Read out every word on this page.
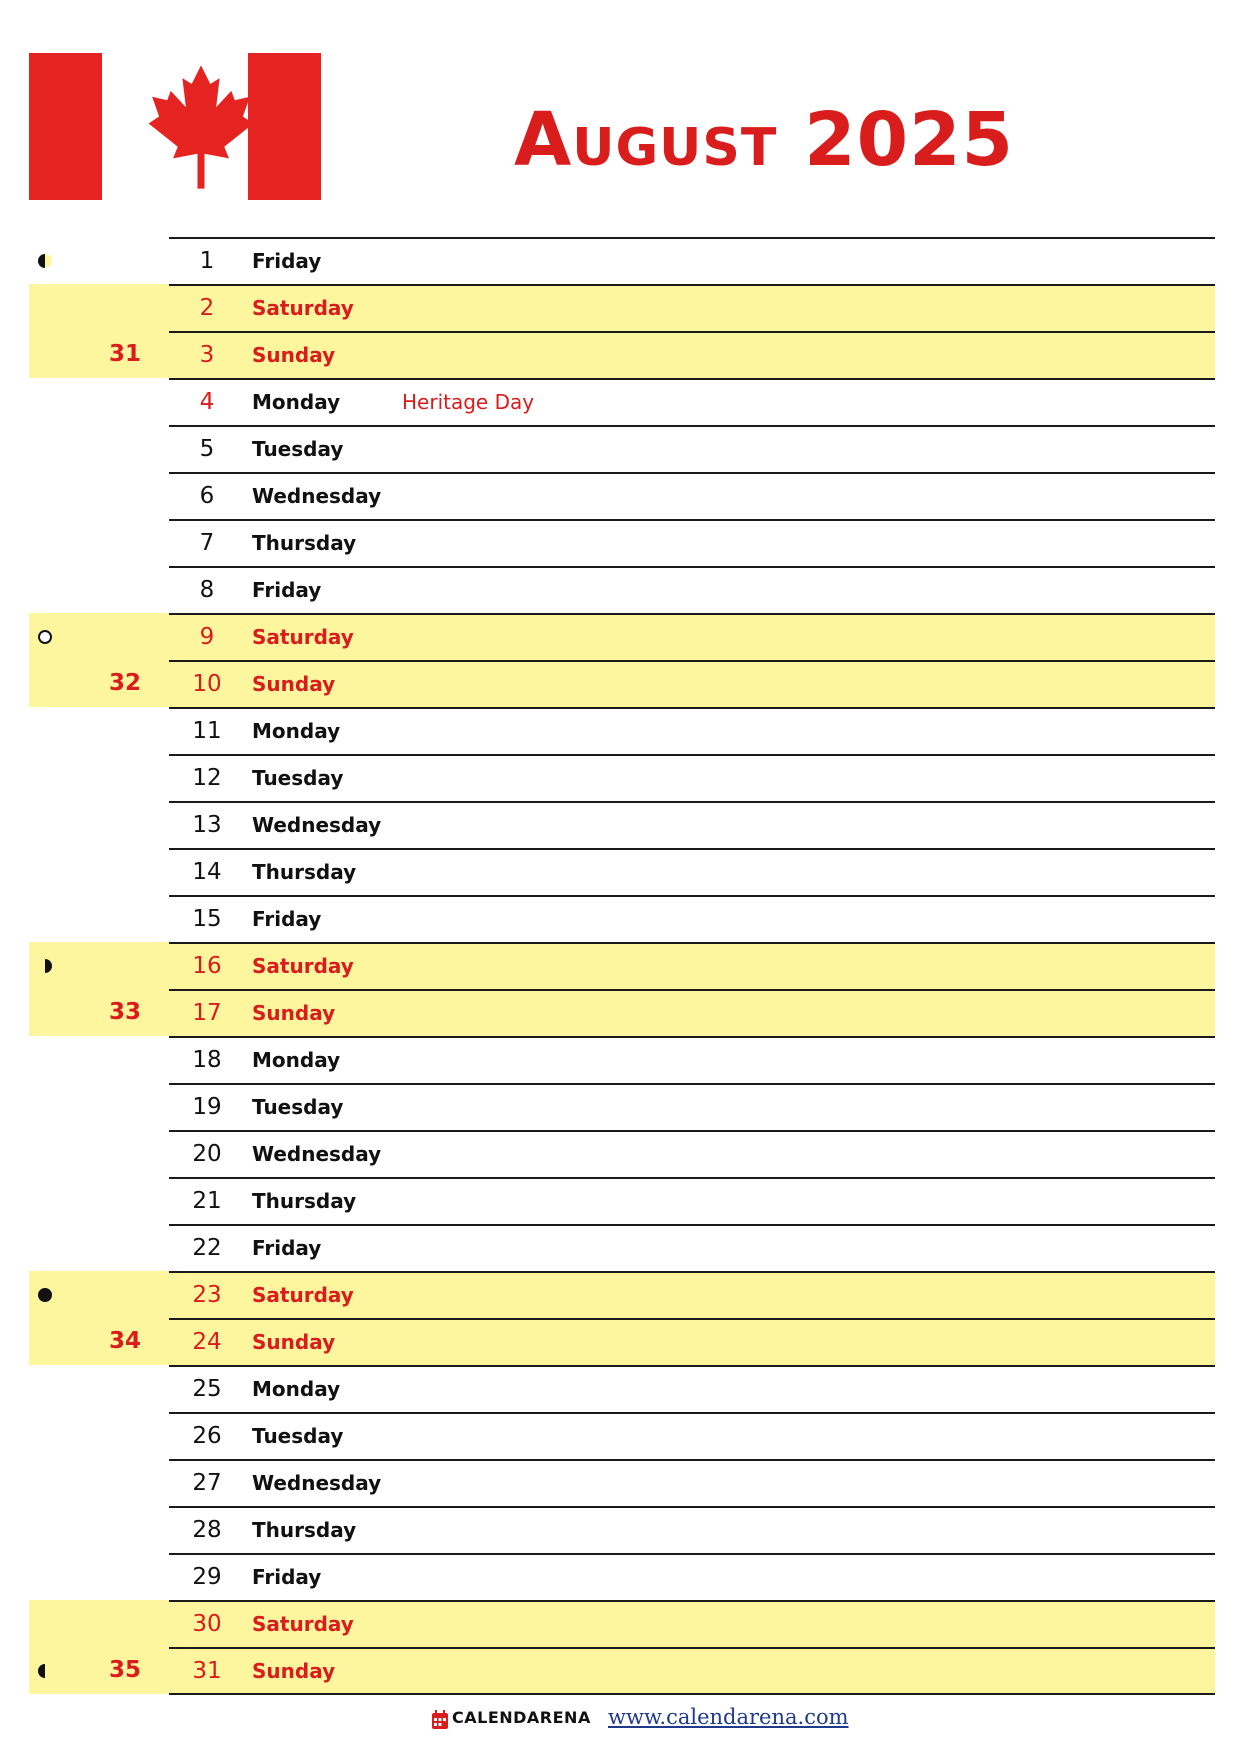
August 2025
1	Friday
2	Saturday
31	3	Sunday
4	Monday	Heritage Day
5	Tuesday
6	Wednesday
7	Thursday
8	Friday
9	Saturday
32	10	Sunday
11	Monday
12	Tuesday
13	Wednesday
14	Thursday
15	Friday
16	Saturday
33	17	Sunday
18	Monday
19	Tuesday
20	Wednesday
21	Thursday
22	Friday
23	Saturday
34	24	Sunday
25	Monday
26	Tuesday
27	Wednesday
28	Thursday
29	Friday
30	Saturday
35	31	Sunday
CALENDARENA www.calendarena.com
